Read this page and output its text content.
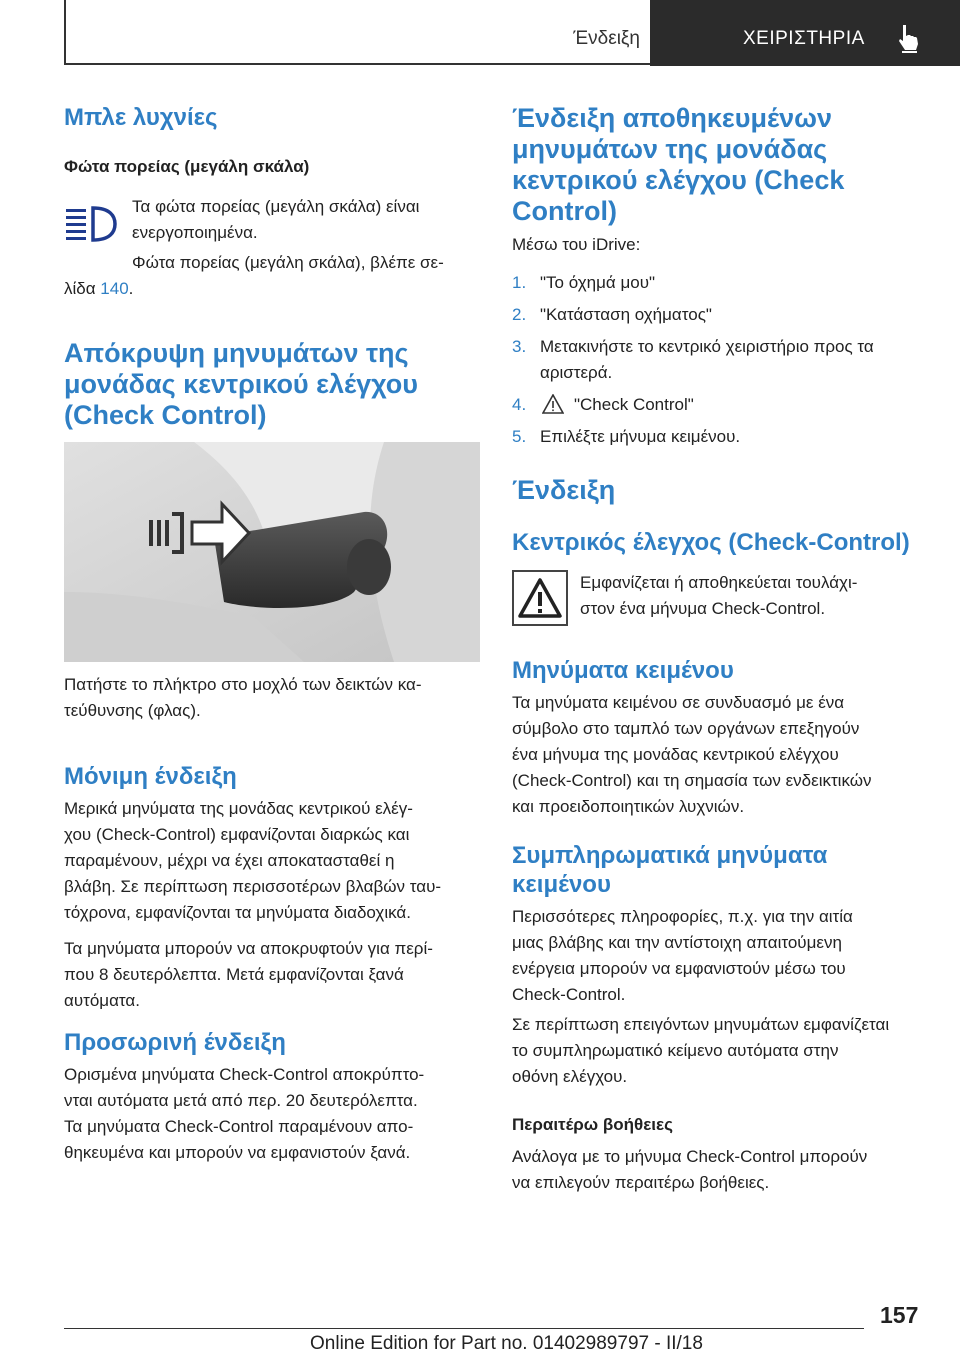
Ένδειξη	ΧΕΙΡΙΣΤΗΡΙΑ
Μπλε λυχνίες
Φώτα πορείας (μεγάλη σκάλα)
Τα φώτα πορείας (μεγάλη σκάλα) είναι ενεργοποιημένα.
Φώτα πορείας (μεγάλη σκάλα), βλέπε σε-
λίδα 140.
Απόκρυψη μηνυμάτων της
μονάδας κεντρικού ελέγχου
(Check Control)
Πατήστε το πλήκτρο στο μοχλό των δεικτών κα-
τεύθυνσης (φλας).
Μόνιμη ένδειξη
Μερικά μηνύματα της μονάδας κεντρικού ελέγ-
χου (Check-Control) εμφανίζονται διαρκώς και
παραμένουν, μέχρι να έχει αποκατασταθεί η
βλάβη. Σε περίπτωση περισσοτέρων βλαβών ταυ-
τόχρονα, εμφανίζονται τα μηνύματα διαδοχικά.
Τα μηνύματα μπορούν να αποκρυφτούν για περί-
που 8 δευτερόλεπτα. Μετά εμφανίζονται ξανά
αυτόματα.
Προσωρινή ένδειξη
Ορισμένα μηνύματα Check-Control αποκρύπτο-
νται αυτόματα μετά από περ. 20 δευτερόλεπτα.
Τα μηνύματα Check-Control παραμένουν απο-
θηκευμένα και μπορούν να εμφανιστούν ξανά.
Ένδειξη αποθηκευμένων
μηνυμάτων της μονάδας
κεντρικού ελέγχου (Check
Control)
Μέσω του iDrive:
1. "Το όχημά μου"
2. "Κατάσταση οχήματος"
3. Μετακινήστε το κεντρικό χειριστήριο προς τα
αριστερά.
4.	"Check Control"
5. Επιλέξτε μήνυμα κειμένου.
Ένδειξη
Κεντρικός έλεγχος (Check-Control)
Εμφανίζεται ή αποθηκεύεται τουλάχι-
στον ένα μήνυμα Check-Control.
Μηνύματα κειμένου
Τα μηνύματα κειμένου σε συνδυασμό με ένα
σύμβολο στο ταμπλό των οργάνων επεξηγούν
ένα μήνυμα της μονάδας κεντρικού ελέγχου
(Check-Control) και τη σημασία των ενδεικτικών
και προειδοποιητικών λυχνιών.
Συμπληρωματικά μηνύματα
κειμένου
Περισσότερες πληροφορίες, π.χ. για την αιτία
μιας βλάβης και την αντίστοιχη απαιτούμενη
ενέργεια μπορούν να εμφανιστούν μέσω του
Check-Control.
Σε περίπτωση επειγόντων μηνυμάτων εμφανίζεται
το συμπληρωματικό κείμενο αυτόματα στην
οθόνη ελέγχου.
Περαιτέρω βοήθειες
Ανάλογα με το μήνυμα Check-Control μπορούν
να επιλεγούν περαιτέρω βοήθειες.
157
Online Edition for Part no. 01402989797 - II/18
